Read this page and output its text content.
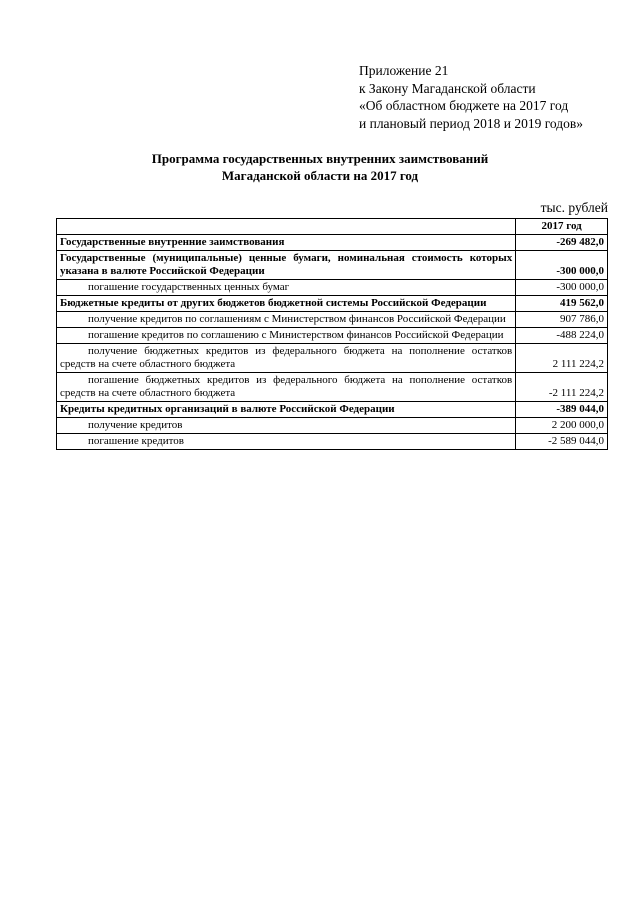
Приложение 21
к Закону Магаданской области
«Об областном бюджете на 2017 год
и плановый период 2018 и 2019 годов»
Программа государственных внутренних заимствований
Магаданской области на 2017 год
тыс. рублей
	2017 год
Государственные внутренние заимствования	-269 482,0
Государственные (муниципальные) ценные бумаги, номинальная стоимость которых указана в валюте Российской Федерации	-300 000,0
погашение государственных ценных бумаг	-300 000,0
Бюджетные кредиты от других бюджетов бюджетной системы Российской Федерации	419 562,0
получение кредитов по соглашениям с Министерством финансов Российской Федерации	907 786,0
погашение кредитов по соглашению с Министерством финансов Российской Федерации	-488 224,0
получение бюджетных кредитов из федерального бюджета на пополнение остатков средств на счете областного бюджета	2 111 224,2
погашение бюджетных кредитов из федерального бюджета на пополнение остатков средств на счете областного бюджета	-2 111 224,2
Кредиты кредитных организаций в валюте Российской Федерации	-389 044,0
получение кредитов	2 200 000,0
погашение кредитов	-2 589 044,0
